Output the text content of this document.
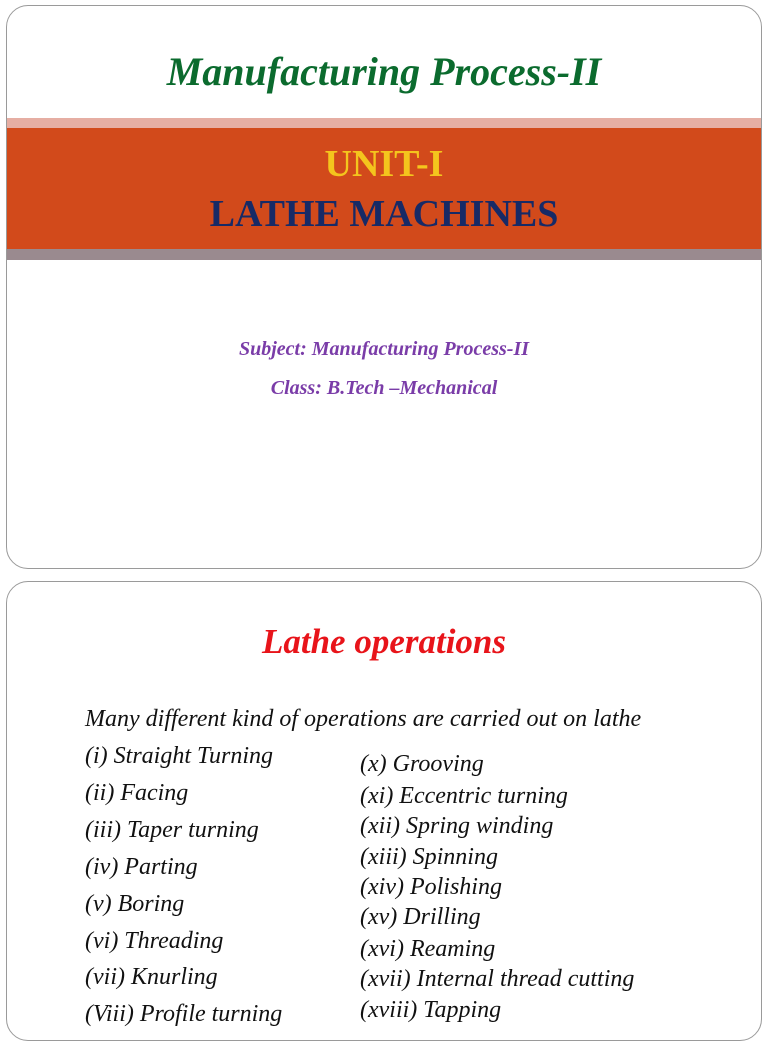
Manufacturing Process-II
UNIT-I
LATHE MACHINES
Subject: Manufacturing Process-II
Class: B.Tech –Mechanical
Lathe operations
Many different kind of operations are carried out on lathe
(i) Straight Turning
(ii) Facing
(iii) Taper turning
(iv) Parting
(v) Boring
(vi) Threading
(vii) Knurling
(Viii) Profile turning
(x) Grooving
(xi) Eccentric turning
(xii) Spring winding
(xiii) Spinning
(xiv) Polishing
(xv) Drilling
(xvi) Reaming
(xvii) Internal thread cutting
(xviii) Tapping
